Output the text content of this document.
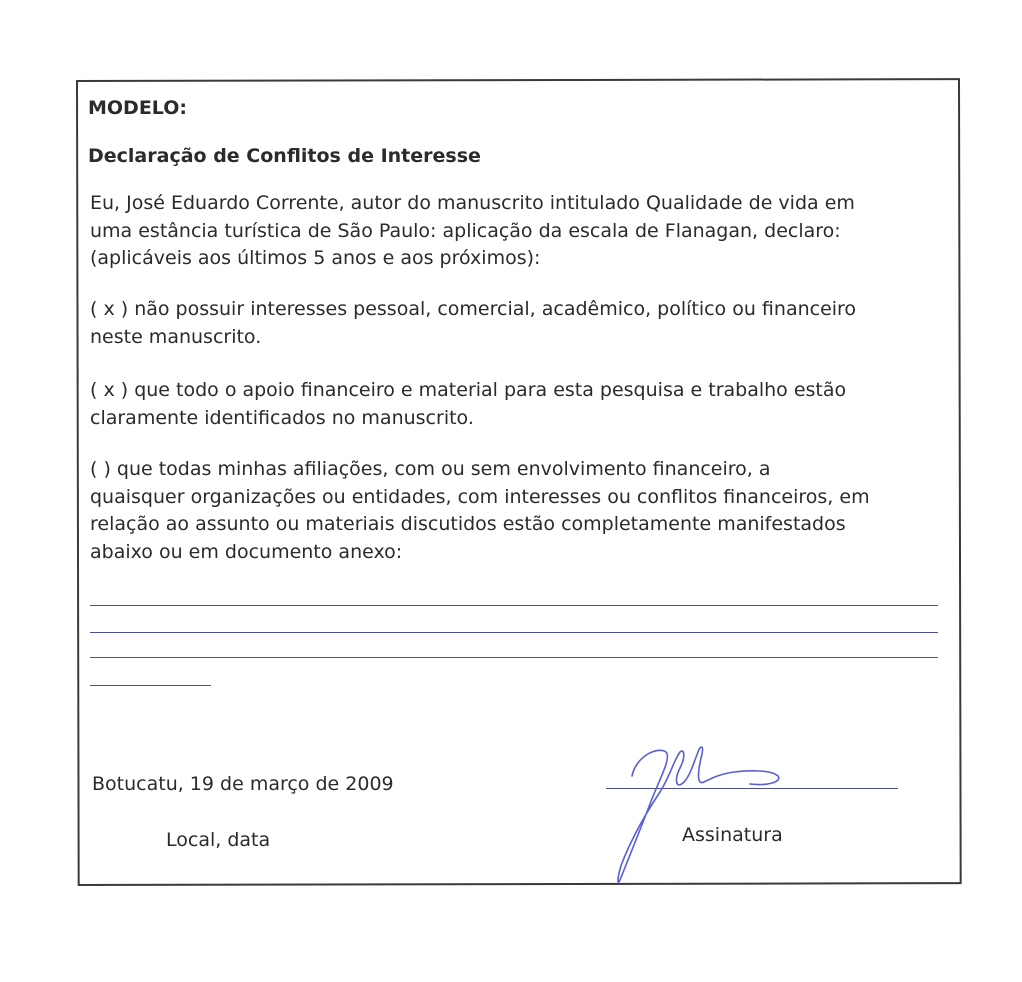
MODELO:

Declaração de Conflitos de Interesse

Eu, José Eduardo Corrente, autor do manuscrito intitulado Qualidade de vida em
uma estância turística de São Paulo: aplicação da escala de Flanagan, declaro:
(aplicáveis aos últimos 5 anos e aos próximos):
( x ) não possuir interesses pessoal, comercial, acadêmico, político ou financeiro
neste manuscrito.
( x ) que todo o apoio financeiro e material para esta pesquisa e trabalho estão
claramente identificados no manuscrito.
( ) que todas minhas afiliações, com ou sem envolvimento financeiro, a
quaisquer organizações ou entidades, com interesses ou conflitos financeiros, em
relação ao assunto ou materiais discutidos estão completamente manifestados
abaixo ou em documento anexo:

Botucatu, 19 de março de 2009

Local, data	Assinatura
